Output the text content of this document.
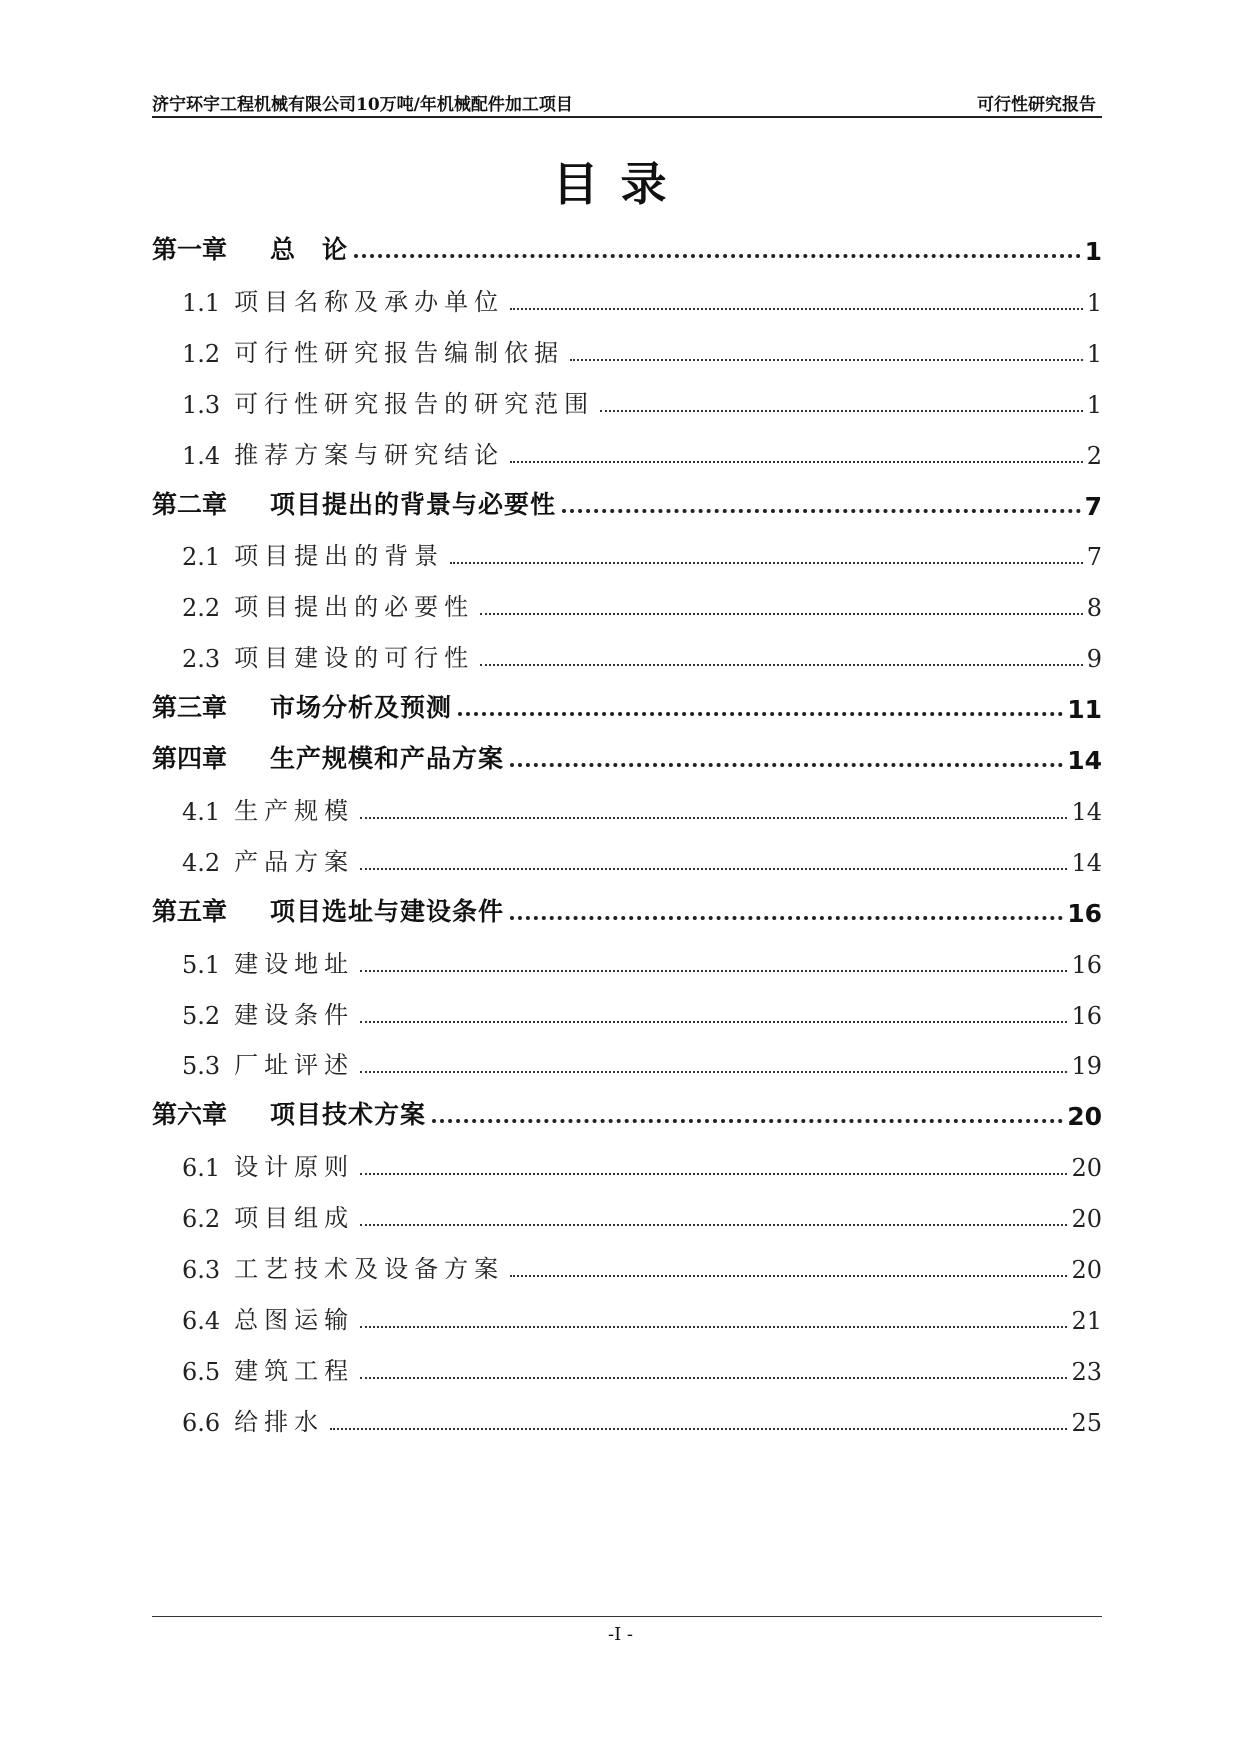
济宁环宇工程机械有限公司10万吨/年机械配件加工项目	可行性研究报告
目录
第一章	总　论	1
1.1 项目名称及承办单位	1
1.2 可行性研究报告编制依据	1
1.3 可行性研究报告的研究范围	1
1.4 推荐方案与研究结论	2
第二章	项目提出的背景与必要性	7
2.1 项目提出的背景	7
2.2 项目提出的必要性	8
2.3 项目建设的可行性	9
第三章	市场分析及预测	11
第四章	生产规模和产品方案	14
4.1 生产规模	14
4.2 产品方案	14
第五章	项目选址与建设条件	16
5.1 建设地址	16
5.2 建设条件	16
5.3 厂址评述	19
第六章	项目技术方案	20
6.1 设计原则	20
6.2 项目组成	20
6.3 工艺技术及设备方案	20
6.4 总图运输	21
6.5 建筑工程	23
6.6 给排水	25
-I -
